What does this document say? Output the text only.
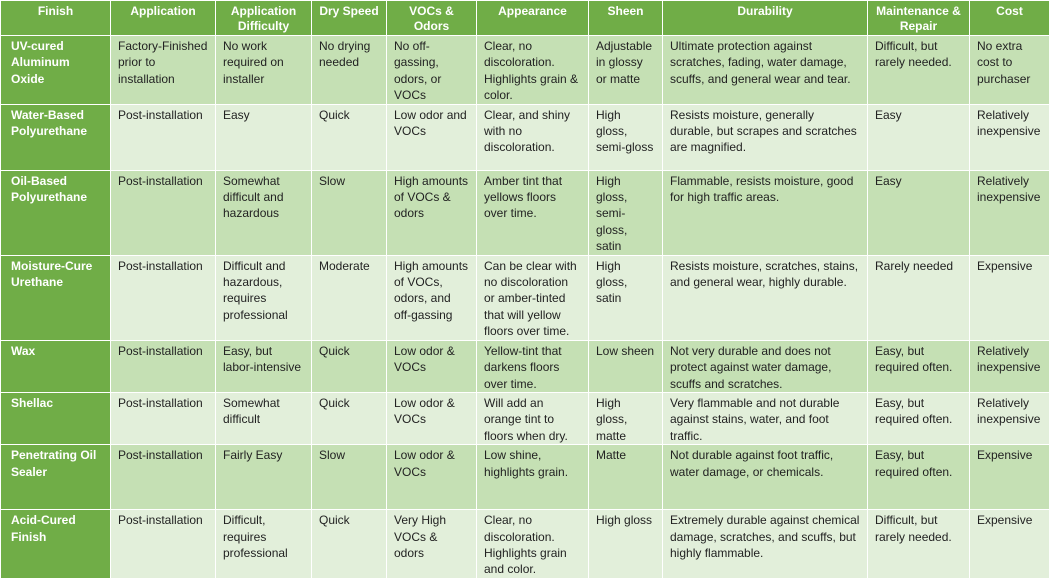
Finish	Application	Application Difficulty	Dry Speed	VOCs & Odors	Appearance	Sheen	Durability	Maintenance & Repair	Cost
UV-cured Aluminum Oxide	Factory-Finished prior to installation	No work required on installer	No drying needed	No off-gassing, odors, or VOCs	Clear, no discoloration. Highlights grain & color.	Adjustable in glossy or matte	Ultimate protection against scratches, fading, water damage, scuffs, and general wear and tear.	Difficult, but rarely needed.	No extra cost to purchaser
Water-Based Polyurethane	Post-installation	Easy	Quick	Low odor and VOCs	Clear, and shiny with no discoloration.	High gloss, semi-gloss	Resists moisture, generally durable, but scrapes and scratches are magnified.	Easy	Relatively inexpensive
Oil-Based Polyurethane	Post-installation	Somewhat difficult and hazardous	Slow	High amounts of VOCs & odors	Amber tint that yellows floors over time.	High gloss, semi-gloss, satin	Flammable, resists moisture, good for high traffic areas.	Easy	Relatively inexpensive
Moisture-Cure Urethane	Post-installation	Difficult and hazardous, requires professional	Moderate	High amounts of VOCs, odors, and off-gassing	Can be clear with no discoloration or amber-tinted that will yellow floors over time.	High gloss, satin	Resists moisture, scratches, stains, and general wear, highly durable.	Rarely needed	Expensive
Wax	Post-installation	Easy, but labor-intensive	Quick	Low odor & VOCs	Yellow-tint that darkens floors over time.	Low sheen	Not very durable and does not protect against water damage, scuffs and scratches.	Easy, but required often.	Relatively inexpensive
Shellac	Post-installation	Somewhat difficult	Quick	Low odor & VOCs	Will add an orange tint to floors when dry.	High gloss, matte	Very flammable and not durable against stains, water, and foot traffic.	Easy, but required often.	Relatively inexpensive
Penetrating Oil Sealer	Post-installation	Fairly Easy	Slow	Low odor & VOCs	Low shine, highlights grain.	Matte	Not durable against foot traffic, water damage, or chemicals.	Easy, but required often.	Expensive
Acid-Cured Finish	Post-installation	Difficult, requires professional	Quick	Very High VOCs & odors	Clear, no discoloration. Highlights grain and color.	High gloss	Extremely durable against chemical damage, scratches, and scuffs, but highly flammable.	Difficult, but rarely needed.	Expensive
